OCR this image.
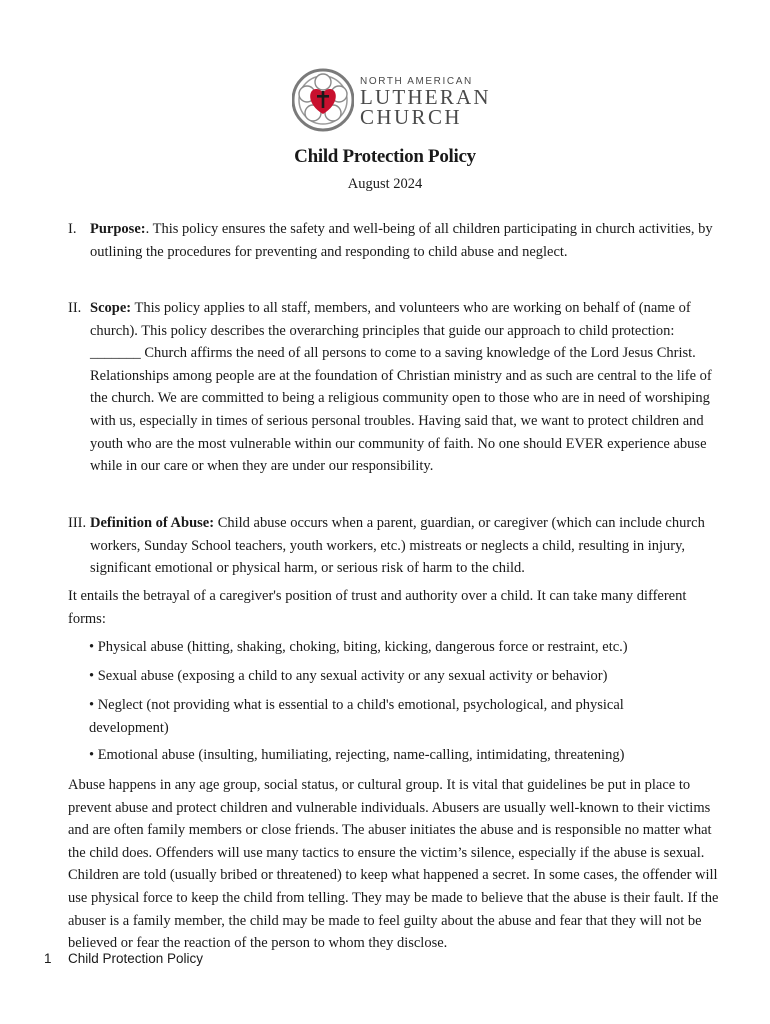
NORTH AMERICAN
LUTHERAN
CHURCH
Child Protection Policy
August 2024
I. Purpose:. This policy ensures the safety and well-being of all children participating in church activities, by outlining the procedures for preventing and responding to child abuse and neglect.
II. Scope: This policy applies to all staff, members, and volunteers who are working on behalf of (name of church). This policy describes the overarching principles that guide our approach to child protection: _______ Church affirms the need of all persons to come to a saving knowledge of the Lord Jesus Christ. Relationships among people are at the foundation of Christian ministry and as such are central to the life of the church. We are committed to being a religious community open to those who are in need of worshiping with us, especially in times of serious personal troubles. Having said that, we want to protect children and youth who are the most vulnerable within our community of faith. No one should EVER experience abuse while in our care or when they are under our responsibility.
III. Definition of Abuse: Child abuse occurs when a parent, guardian, or caregiver (which can include church workers, Sunday School teachers, youth workers, etc.) mistreats or neglects a child, resulting in injury, significant emotional or physical harm, or serious risk of harm to the child.
It entails the betrayal of a caregiver's position of trust and authority over a child. It can take many different forms:
• Physical abuse (hitting, shaking, choking, biting, kicking, dangerous force or restraint, etc.)
• Sexual abuse (exposing a child to any sexual activity or any sexual activity or behavior)
• Neglect (not providing what is essential to a child's emotional, psychological, and physical development)
• Emotional abuse (insulting, humiliating, rejecting, name-calling, intimidating, threatening)
Abuse happens in any age group, social status, or cultural group. It is vital that guidelines be put in place to prevent abuse and protect children and vulnerable individuals. Abusers are usually well-known to their victims and are often family members or close friends. The abuser initiates the abuse and is responsible no matter what the child does. Offenders will use many tactics to ensure the victim’s silence, especially if the abuse is sexual. Children are told (usually bribed or threatened) to keep what happened a secret. In some cases, the offender will use physical force to keep the child from telling. They may be made to believe that the abuse is their fault. If the abuser is a family member, the child may be made to feel guilty about the abuse and fear that they will not be believed or fear the reaction of the person to whom they disclose.
1 Child Protection Policy
